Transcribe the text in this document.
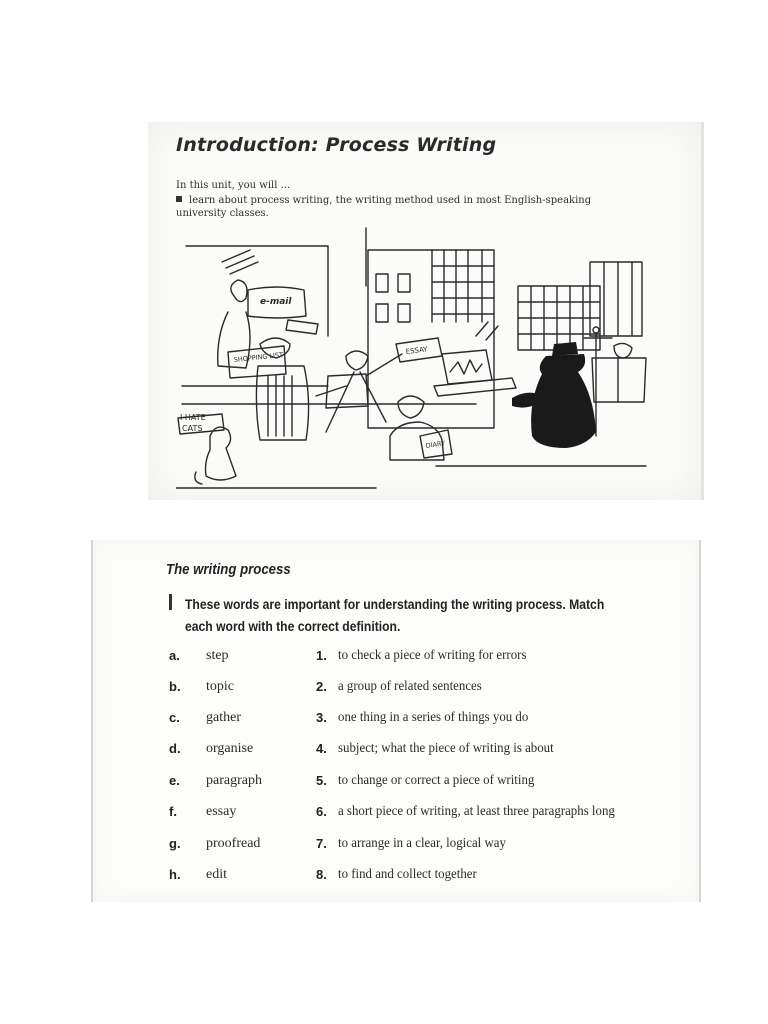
Introduction: Process Writing
In this unit, you will ...
learn about process writing, the writing method used in most English-speaking university classes.
e-mail
SHOPPING LIST
ESSAY
I HATE
CATS
DIARY
The writing process
These words are important for understanding the writing process. Match each word with the correct definition.
a. step	1. to check a piece of writing for errors
b. topic	2. a group of related sentences
c. gather	3. one thing in a series of things you do
d. organise	4. subject; what the piece of writing is about
e. paragraph	5. to change or correct a piece of writing
f. essay	6. a short piece of writing, at least three paragraphs long
g. proofread	7. to arrange in a clear, logical way
h. edit	8. to find and collect together
